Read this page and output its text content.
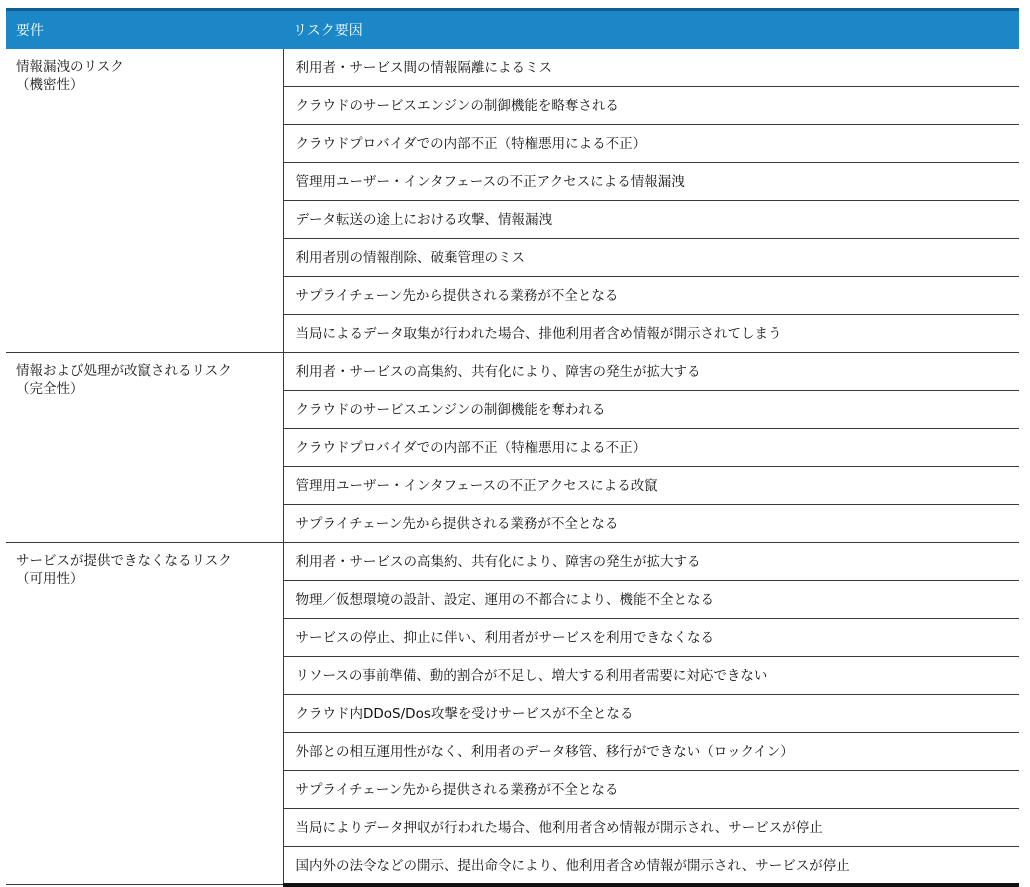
要件	リスク要因

情報漏洩のリスク
（機密性）	利用者・サービス間の情報隔離によるミス
	クラウドのサービスエンジンの制御機能を略奪される
	クラウドプロバイダでの内部不正（特権悪用による不正）
	管理用ユーザー・インタフェースの不正アクセスによる情報漏洩
	データ転送の途上における攻撃、情報漏洩
	利用者別の情報削除、破棄管理のミス
	サプライチェーン先から提供される業務が不全となる
	当局によるデータ取集が行われた場合、排他利用者含め情報が開示されてしまう

情報および処理が改竄されるリスク
（完全性）	利用者・サービスの高集約、共有化により、障害の発生が拡大する
	クラウドのサービスエンジンの制御機能を奪われる
	クラウドプロバイダでの内部不正（特権悪用による不正）
	管理用ユーザー・インタフェースの不正アクセスによる改竄
	サプライチェーン先から提供される業務が不全となる

サービスが提供できなくなるリスク
（可用性）	利用者・サービスの高集約、共有化により、障害の発生が拡大する
	物理／仮想環境の設計、設定、運用の不都合により、機能不全となる
	サービスの停止、抑止に伴い、利用者がサービスを利用できなくなる
	リソースの事前準備、動的割合が不足し、増大する利用者需要に対応できない
	クラウド内DDoS/Dos攻撃を受けサービスが不全となる
	外部との相互運用性がなく、利用者のデータ移管、移行ができない（ロックイン）
	サプライチェーン先から提供される業務が不全となる
	当局によりデータ押収が行われた場合、他利用者含め情報が開示され、サービスが停止
	国内外の法令などの開示、提出命令により、他利用者含め情報が開示され、サービスが停止
